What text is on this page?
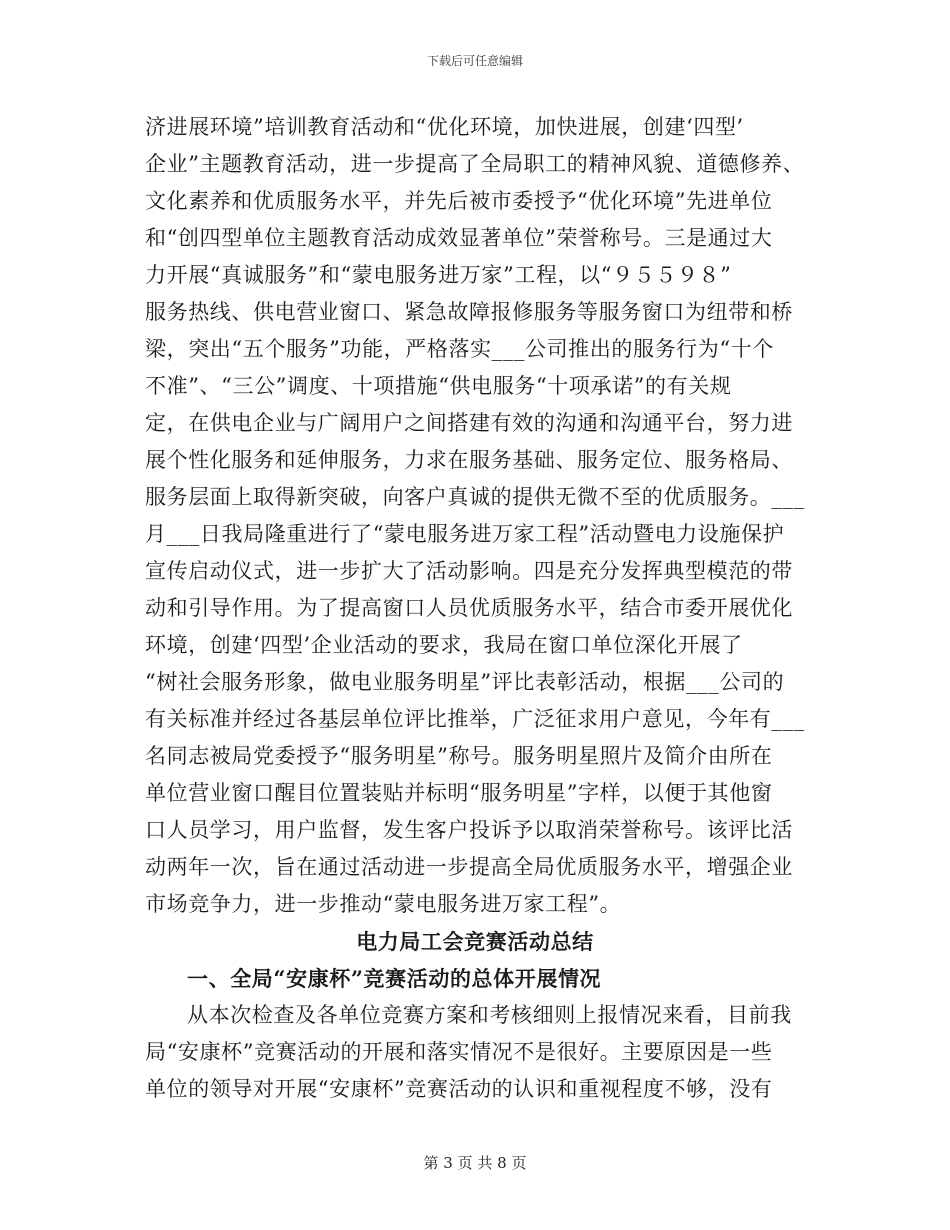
下载后可任意编辑
济进展环境”培训教育活动和“优化环境，加快进展，创建‘四型’
企业”主题教育活动，进一步提高了全局职工的精神风貌、道德修养、
文化素养和优质服务水平，并先后被市委授予“优化环境”先进单位
和“创四型单位主题教育活动成效显著单位”荣誉称号。三是通过大
力开展“真诚服务”和“蒙电服务进万家”工程，以“９５５９８”
服务热线、供电营业窗口、紧急故障报修服务等服务窗口为纽带和桥
梁，突出“五个服务”功能，严格落实___公司推出的服务行为“十个
不准”、“三公”调度、十项措施“供电服务“十项承诺”的有关规
定，在供电企业与广阔用户之间搭建有效的沟通和沟通平台，努力进
展个性化服务和延伸服务，力求在服务基础、服务定位、服务格局、
服务层面上取得新突破，向客户真诚的提供无微不至的优质服务。___
月___日我局隆重进行了“蒙电服务进万家工程”活动暨电力设施保护
宣传启动仪式，进一步扩大了活动影响。四是充分发挥典型模范的带
动和引导作用。为了提高窗口人员优质服务水平，结合市委开展优化
环境，创建‘四型’企业活动的要求，我局在窗口单位深化开展了
“树社会服务形象，做电业服务明星”评比表彰活动，根据___公司的
有关标准并经过各基层单位评比推举，广泛征求用户意见，今年有___
名同志被局党委授予“服务明星”称号。服务明星照片及简介由所在
单位营业窗口醒目位置装贴并标明“服务明星”字样，以便于其他窗
口人员学习，用户监督，发生客户投诉予以取消荣誉称号。该评比活
动两年一次，旨在通过活动进一步提高全局优质服务水平，增强企业
市场竞争力，进一步推动“蒙电服务进万家工程”。
电力局工会竞赛活动总结
一、全局“安康杯”竞赛活动的总体开展情况
从本次检查及各单位竞赛方案和考核细则上报情况来看，目前我
局“安康杯”竞赛活动的开展和落实情况不是很好。主要原因是一些
单位的领导对开展“安康杯”竞赛活动的认识和重视程度不够，没有
第 3 页 共 8 页
